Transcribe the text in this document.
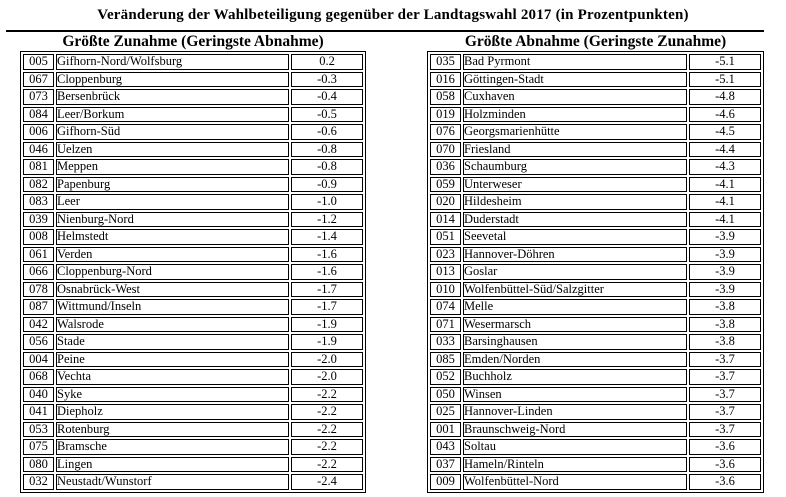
Veränderung der Wahlbeteiligung gegenüber der Landtagswahl 2017 (in Prozentpunkten)
Größte Zunahme (Geringste Abnahme)
005	Gifhorn-Nord/Wolfsburg	0.2
067	Cloppenburg	-0.3
073	Bersenbrück	-0.4
084	Leer/Borkum	-0.5
006	Gifhorn-Süd	-0.6
046	Uelzen	-0.8
081	Meppen	-0.8
082	Papenburg	-0.9
083	Leer	-1.0
039	Nienburg-Nord	-1.2
008	Helmstedt	-1.4
061	Verden	-1.6
066	Cloppenburg-Nord	-1.6
078	Osnabrück-West	-1.7
087	Wittmund/Inseln	-1.7
042	Walsrode	-1.9
056	Stade	-1.9
004	Peine	-2.0
068	Vechta	-2.0
040	Syke	-2.2
041	Diepholz	-2.2
053	Rotenburg	-2.2
075	Bramsche	-2.2
080	Lingen	-2.2
032	Neustadt/Wunstorf	-2.4
Größte Abnahme (Geringste Zunahme)
035	Bad Pyrmont	-5.1
016	Göttingen-Stadt	-5.1
058	Cuxhaven	-4.8
019	Holzminden	-4.6
076	Georgsmarienhütte	-4.5
070	Friesland	-4.4
036	Schaumburg	-4.3
059	Unterweser	-4.1
020	Hildesheim	-4.1
014	Duderstadt	-4.1
051	Seevetal	-3.9
023	Hannover-Döhren	-3.9
013	Goslar	-3.9
010	Wolfenbüttel-Süd/Salzgitter	-3.9
074	Melle	-3.8
071	Wesermarsch	-3.8
033	Barsinghausen	-3.8
085	Emden/Norden	-3.7
052	Buchholz	-3.7
050	Winsen	-3.7
025	Hannover-Linden	-3.7
001	Braunschweig-Nord	-3.7
043	Soltau	-3.6
037	Hameln/Rinteln	-3.6
009	Wolfenbüttel-Nord	-3.6
